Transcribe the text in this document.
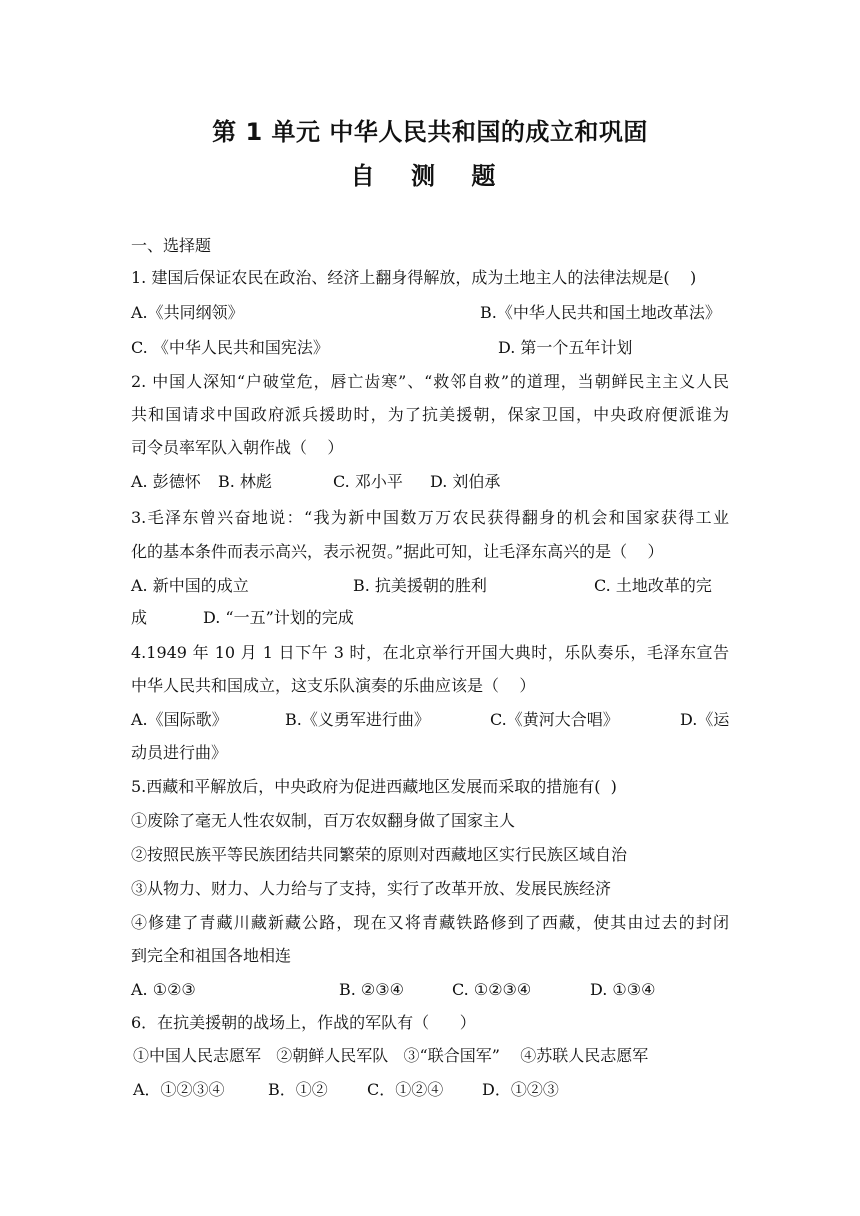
第 1 单元 中华人民共和国的成立和巩固
自 测 题
一、选择题
1. 建国后保证农民在政治、经济上翻身得解放，成为土地主人的法律法规是(    )
A.《共同纲领》	B.《中华人民共和国土地改革法》
C. 《中华人民共和国宪法》	D. 第一个五年计划
2. 中国人深知“户破堂危，唇亡齿寒”、“救邻自救”的道理，当朝鲜民主主义人民
共和国请求中国政府派兵援助时，为了抗美援朝，保家卫国，中央政府便派谁为
司令员率军队入朝作战（    ）
A. 彭德怀 B. 林彪	C. 邓小平 D. 刘伯承
3.毛泽东曾兴奋地说：“我为新中国数万万农民获得翻身的机会和国家获得工业
化的基本条件而表示高兴，表示祝贺。”据此可知，让毛泽东高兴的是（    ）
A. 新中国的成立	B. 抗美援朝的胜利	C. 土地改革的完
成	D. “一五”计划的完成
4.1949 年 10 月 1 日下午 3 时，在北京举行开国大典时，乐队奏乐，毛泽东宣告
中华人民共和国成立，这支乐队演奏的乐曲应该是（    ）
A.《国际歌》	B.《义勇军进行曲》	C.《黄河大合唱》	D.《运
动员进行曲》
5.西藏和平解放后，中央政府为促进西藏地区发展而采取的措施有(  )
①废除了毫无人性农奴制，百万农奴翻身做了国家主人
②按照民族平等民族团结共同繁荣的原则对西藏地区实行民族区域自治
③从物力、财力、人力给与了支持，实行了改革开放、发展民族经济
④修建了青藏川藏新藏公路，现在又将青藏铁路修到了西藏，使其由过去的封闭
到完全和祖国各地相连
A. ①②③	B. ②③④	C. ①②③④	D. ①③④
6．在抗美援朝的战场上，作战的军队有（      ）
①中国人民志愿军   ②朝鲜人民军队   ③“联合国军”    ④苏联人民志愿军
A．①②③④	B．①② C．①②④ D．①②③
